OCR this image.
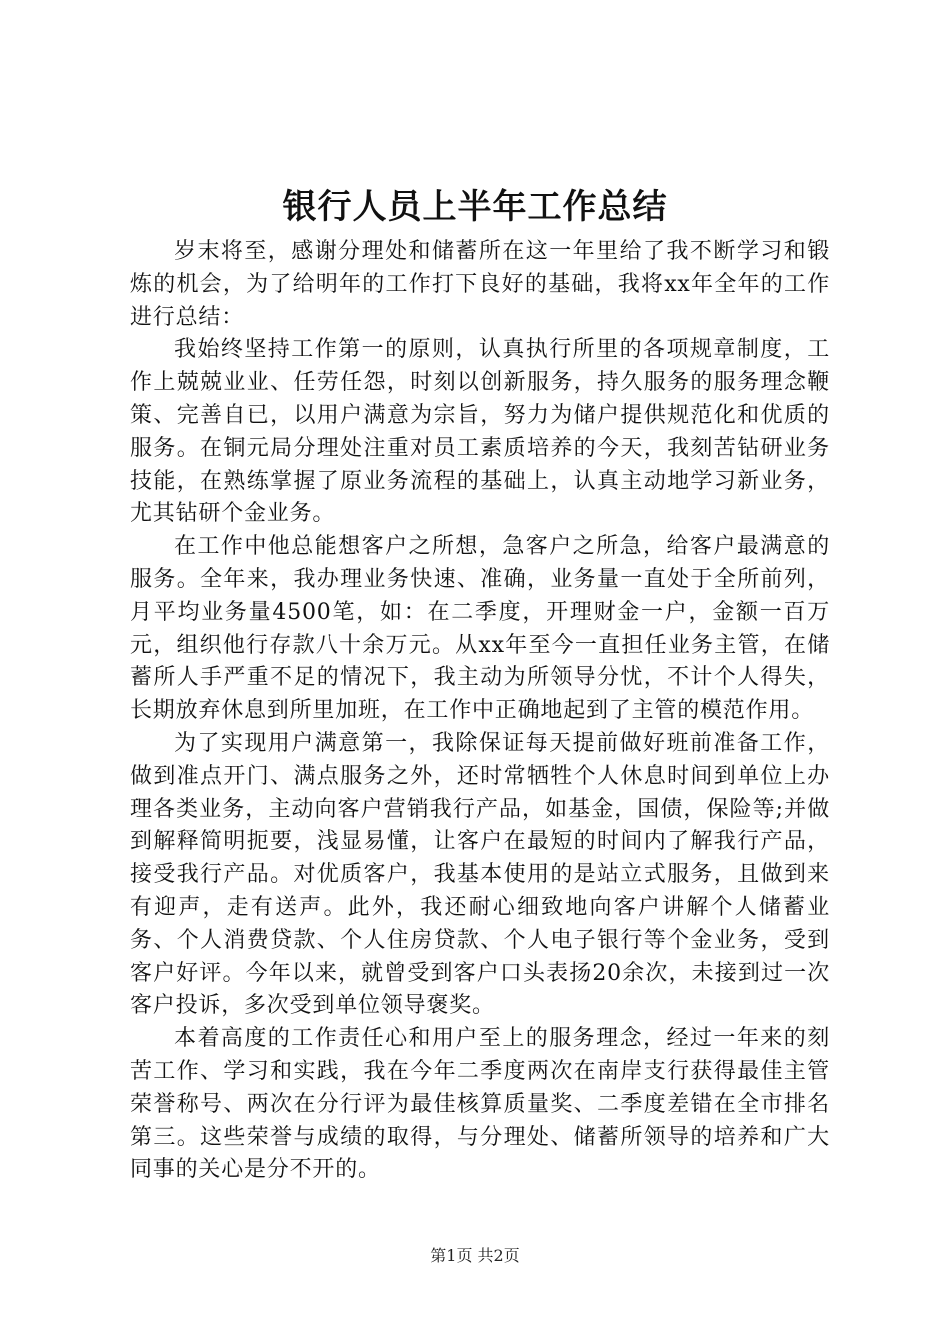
银行人员上半年工作总结

岁末将至，感谢分理处和储蓄所在这一年里给了我不断学习和锻炼的机会，为了给明年的工作打下良好的基础，我将xx年全年的工作进行总结：

我始终坚持工作第一的原则，认真执行所里的各项规章制度，工作上兢兢业业、任劳任怨，时刻以创新服务，持久服务的服务理念鞭策、完善自已，以用户满意为宗旨，努力为储户提供规范化和优质的服务。在铜元局分理处注重对员工素质培养的今天，我刻苦钻研业务技能，在熟练掌握了原业务流程的基础上，认真主动地学习新业务，尤其钻研个金业务。

在工作中他总能想客户之所想，急客户之所急，给客户最满意的服务。全年来，我办理业务快速、准确，业务量一直处于全所前列，月平均业务量4500笔，如：在二季度，开理财金一户，金额一百万元，组织他行存款八十余万元。从xx年至今一直担任业务主管，在储蓄所人手严重不足的情况下，我主动为所领导分忧，不计个人得失，长期放弃休息到所里加班，在工作中正确地起到了主管的模范作用。

为了实现用户满意第一，我除保证每天提前做好班前准备工作，做到准点开门、满点服务之外，还时常牺牲个人休息时间到单位上办理各类业务，主动向客户营销我行产品，如基金，国债，保险等;并做到解释简明扼要，浅显易懂，让客户在最短的时间内了解我行产品，接受我行产品。对优质客户，我基本使用的是站立式服务，且做到来有迎声，走有送声。此外，我还耐心细致地向客户讲解个人储蓄业务、个人消费贷款、个人住房贷款、个人电子银行等个金业务，受到客户好评。今年以来，就曾受到客户口头表扬20余次，未接到过一次客户投诉，多次受到单位领导褒奖。

本着高度的工作责任心和用户至上的服务理念，经过一年来的刻苦工作、学习和实践，我在今年二季度两次在南岸支行获得最佳主管荣誉称号、两次在分行评为最佳核算质量奖、二季度差错在全市排名第三。这些荣誉与成绩的取得，与分理处、储蓄所领导的培养和广大同事的关心是分不开的。

第1页 共2页
